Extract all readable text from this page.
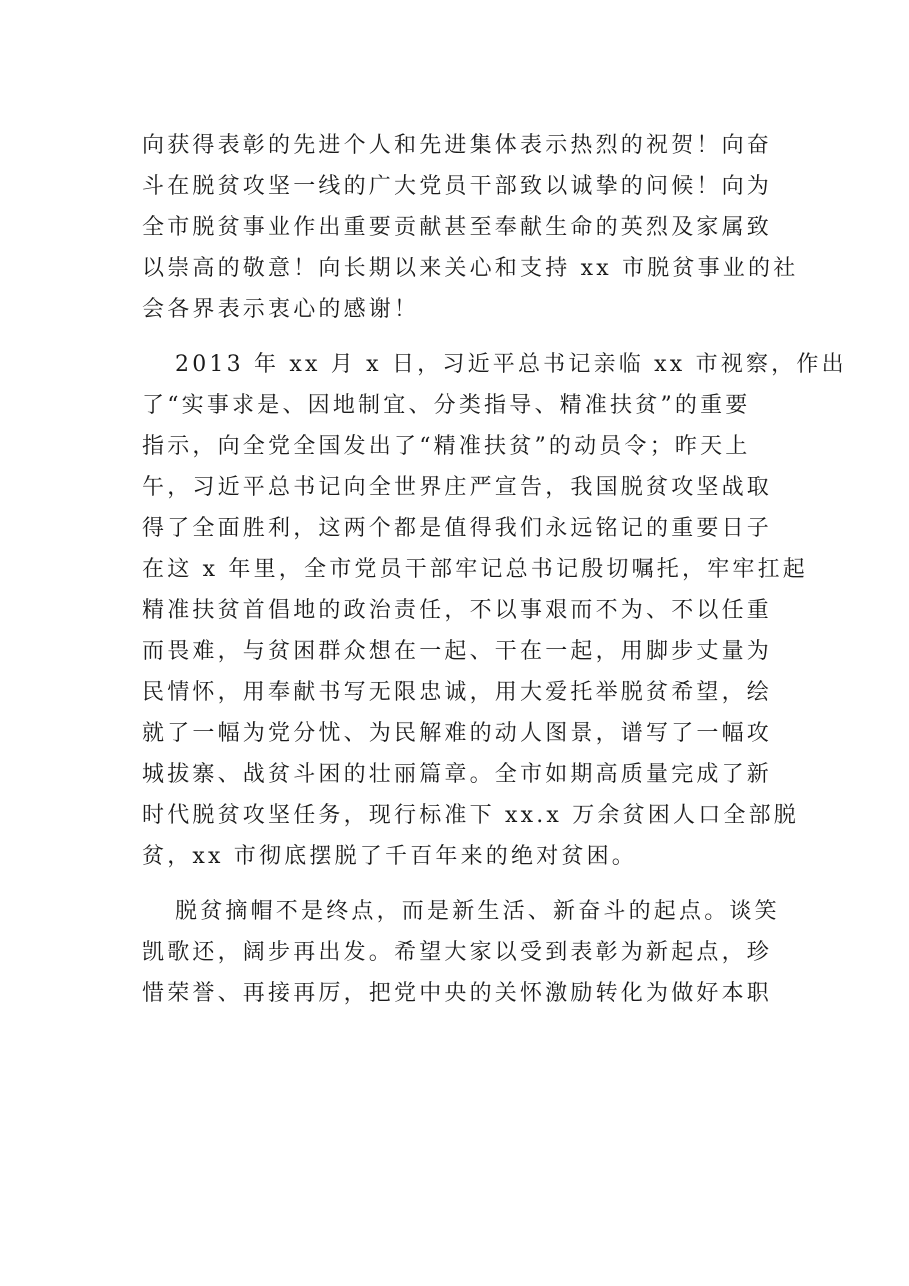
向获得表彰的先进个人和先进集体表示热烈的祝贺！向奋
斗在脱贫攻坚一线的广大党员干部致以诚挚的问候！向为
全市脱贫事业作出重要贡献甚至奉献生命的英烈及家属致
以崇高的敬意！向长期以来关心和支持 xx 市脱贫事业的社
会各界表示衷心的感谢！
2013 年 xx 月 x 日，习近平总书记亲临 xx 市视察，作出
了“实事求是、因地制宜、分类指导、精准扶贫”的重要
指示，向全党全国发出了“精准扶贫”的动员令；昨天上
午，习近平总书记向全世界庄严宣告，我国脱贫攻坚战取
得了全面胜利，这两个都是值得我们永远铭记的重要日子
在这 x 年里，全市党员干部牢记总书记殷切嘱托，牢牢扛起
精准扶贫首倡地的政治责任，不以事艰而不为、不以任重
而畏难，与贫困群众想在一起、干在一起，用脚步丈量为
民情怀，用奉献书写无限忠诚，用大爱托举脱贫希望，绘
就了一幅为党分忧、为民解难的动人图景，谱写了一幅攻
城拔寨、战贫斗困的壮丽篇章。全市如期高质量完成了新
时代脱贫攻坚任务，现行标准下 xx.x 万余贫困人口全部脱
贫，xx 市彻底摆脱了千百年来的绝对贫困。
脱贫摘帽不是终点，而是新生活、新奋斗的起点。谈笑
凯歌还，阔步再出发。希望大家以受到表彰为新起点，珍
惜荣誉、再接再厉，把党中央的关怀激励转化为做好本职
